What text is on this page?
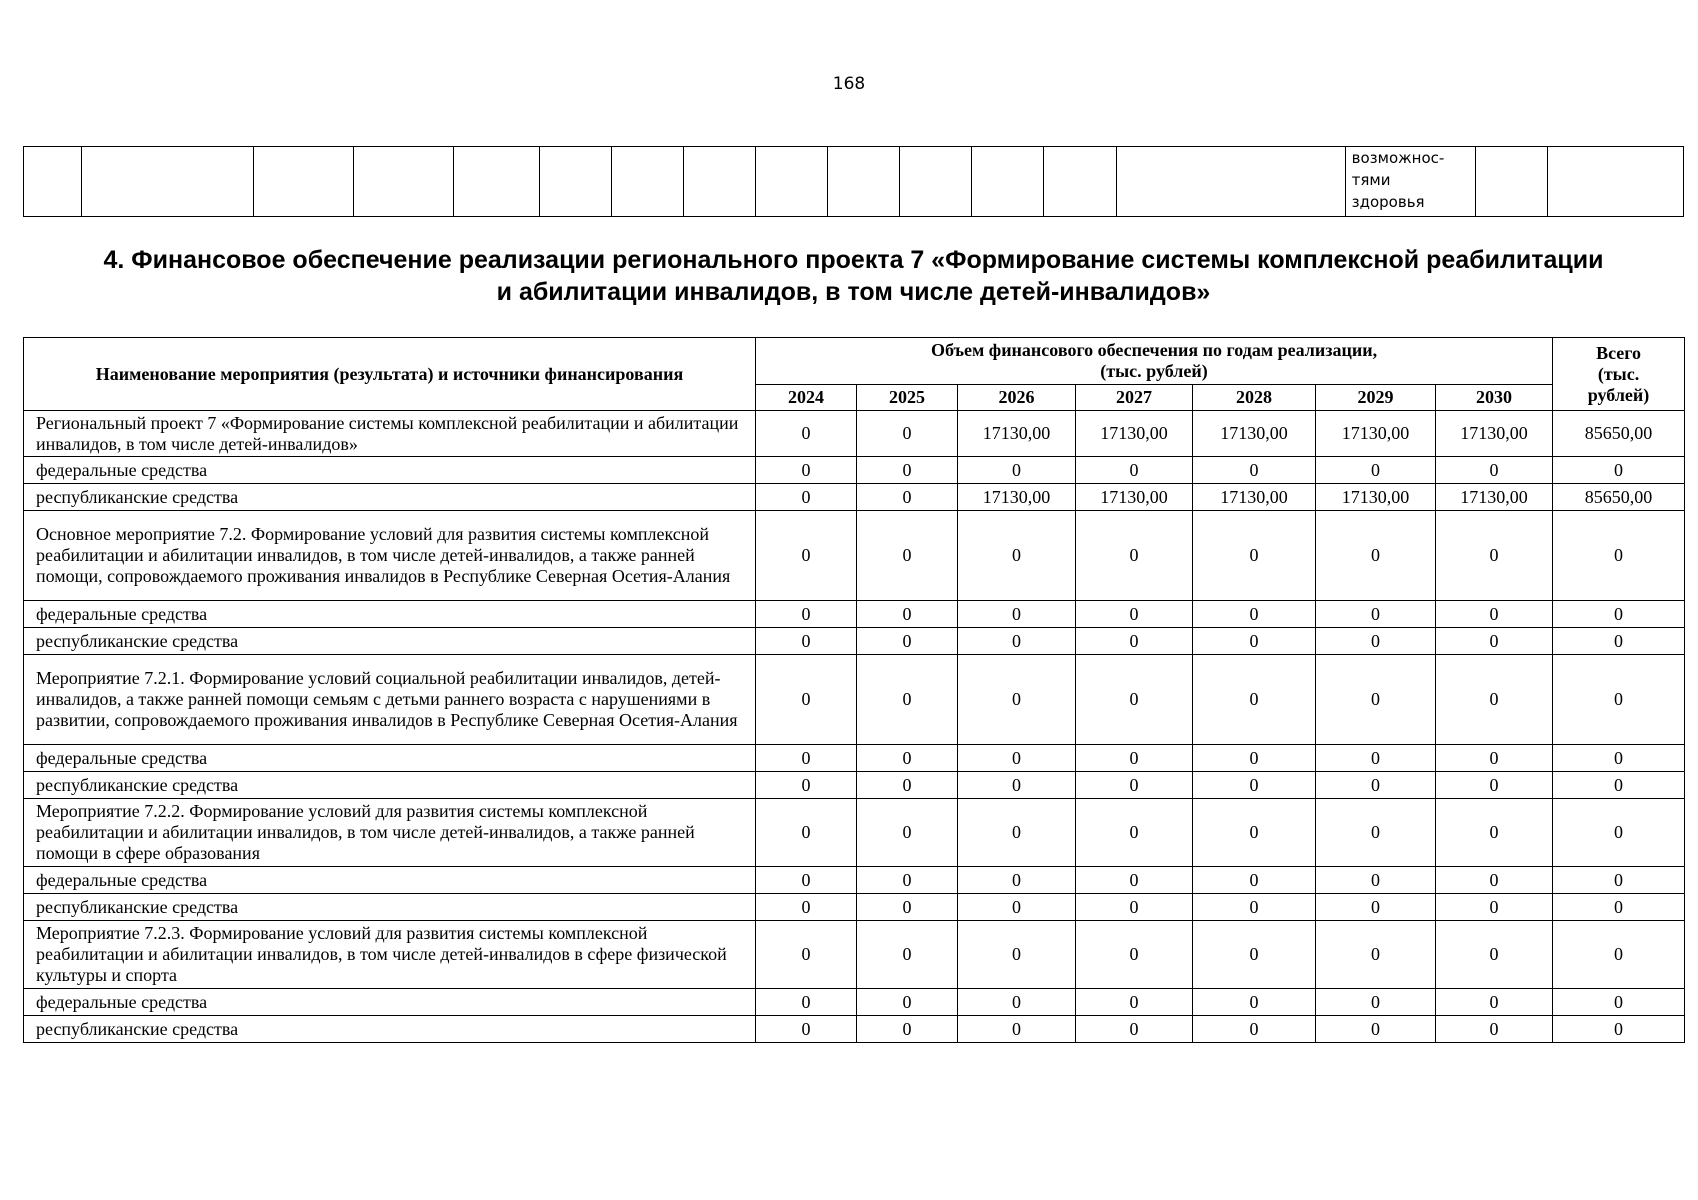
168

возможнос-
тями
здоровья

4. Финансовое обеспечение реализации регионального проекта 7 «Формирование системы комплексной реабилитации
и абилитации инвалидов, в том числе детей-инвалидов»
Наименование мероприятия (результата) и источники финансирования	Объем финансового обеспечения по годам реализации,
(тыс. рублей)							Всего
(тыс.
рублей)
	2024	2025	2026	2027	2028	2029	2030	
Региональный проект 7 «Формирование системы комплексной реабилитации и абилитации инвалидов, в том числе детей-инвалидов»	0	0	17130,00	17130,00	17130,00	17130,00	17130,00	85650,00
федеральные средства	0	0	0	0	0	0	0	0
республиканские средства	0	0	17130,00	17130,00	17130,00	17130,00	17130,00	85650,00
Основное мероприятие 7.2. Формирование условий для развития системы комплексной реабилитации и абилитации инвалидов, в том числе детей-инвалидов, а также ранней помощи, сопровождаемого проживания инвалидов в Республике Северная Осетия-Алания	0	0	0	0	0	0	0	0
федеральные средства	0	0	0	0	0	0	0	0
республиканские средства	0	0	0	0	0	0	0	0
Мероприятие 7.2.1. Формирование условий социальной реабилитации инвалидов, детей-инвалидов, а также ранней помощи семьям с детьми раннего возраста с нарушениями в развитии, сопровождаемого проживания инвалидов в Республике Северная Осетия-Алания	0	0	0	0	0	0	0	0
федеральные средства	0	0	0	0	0	0	0	0
республиканские средства	0	0	0	0	0	0	0	0
Мероприятие 7.2.2. Формирование условий для развития системы комплексной реабилитации и абилитации инвалидов, в том числе детей-инвалидов, а также ранней помощи в сфере образования	0	0	0	0	0	0	0	0
федеральные средства	0	0	0	0	0	0	0	0
республиканские средства	0	0	0	0	0	0	0	0
Мероприятие 7.2.3. Формирование условий для развития системы комплексной реабилитации и абилитации инвалидов, в том числе детей-инвалидов в сфере физической культуры и спорта	0	0	0	0	0	0	0	0
федеральные средства	0	0	0	0	0	0	0	0
республиканские средства	0	0	0	0	0	0	0	0
